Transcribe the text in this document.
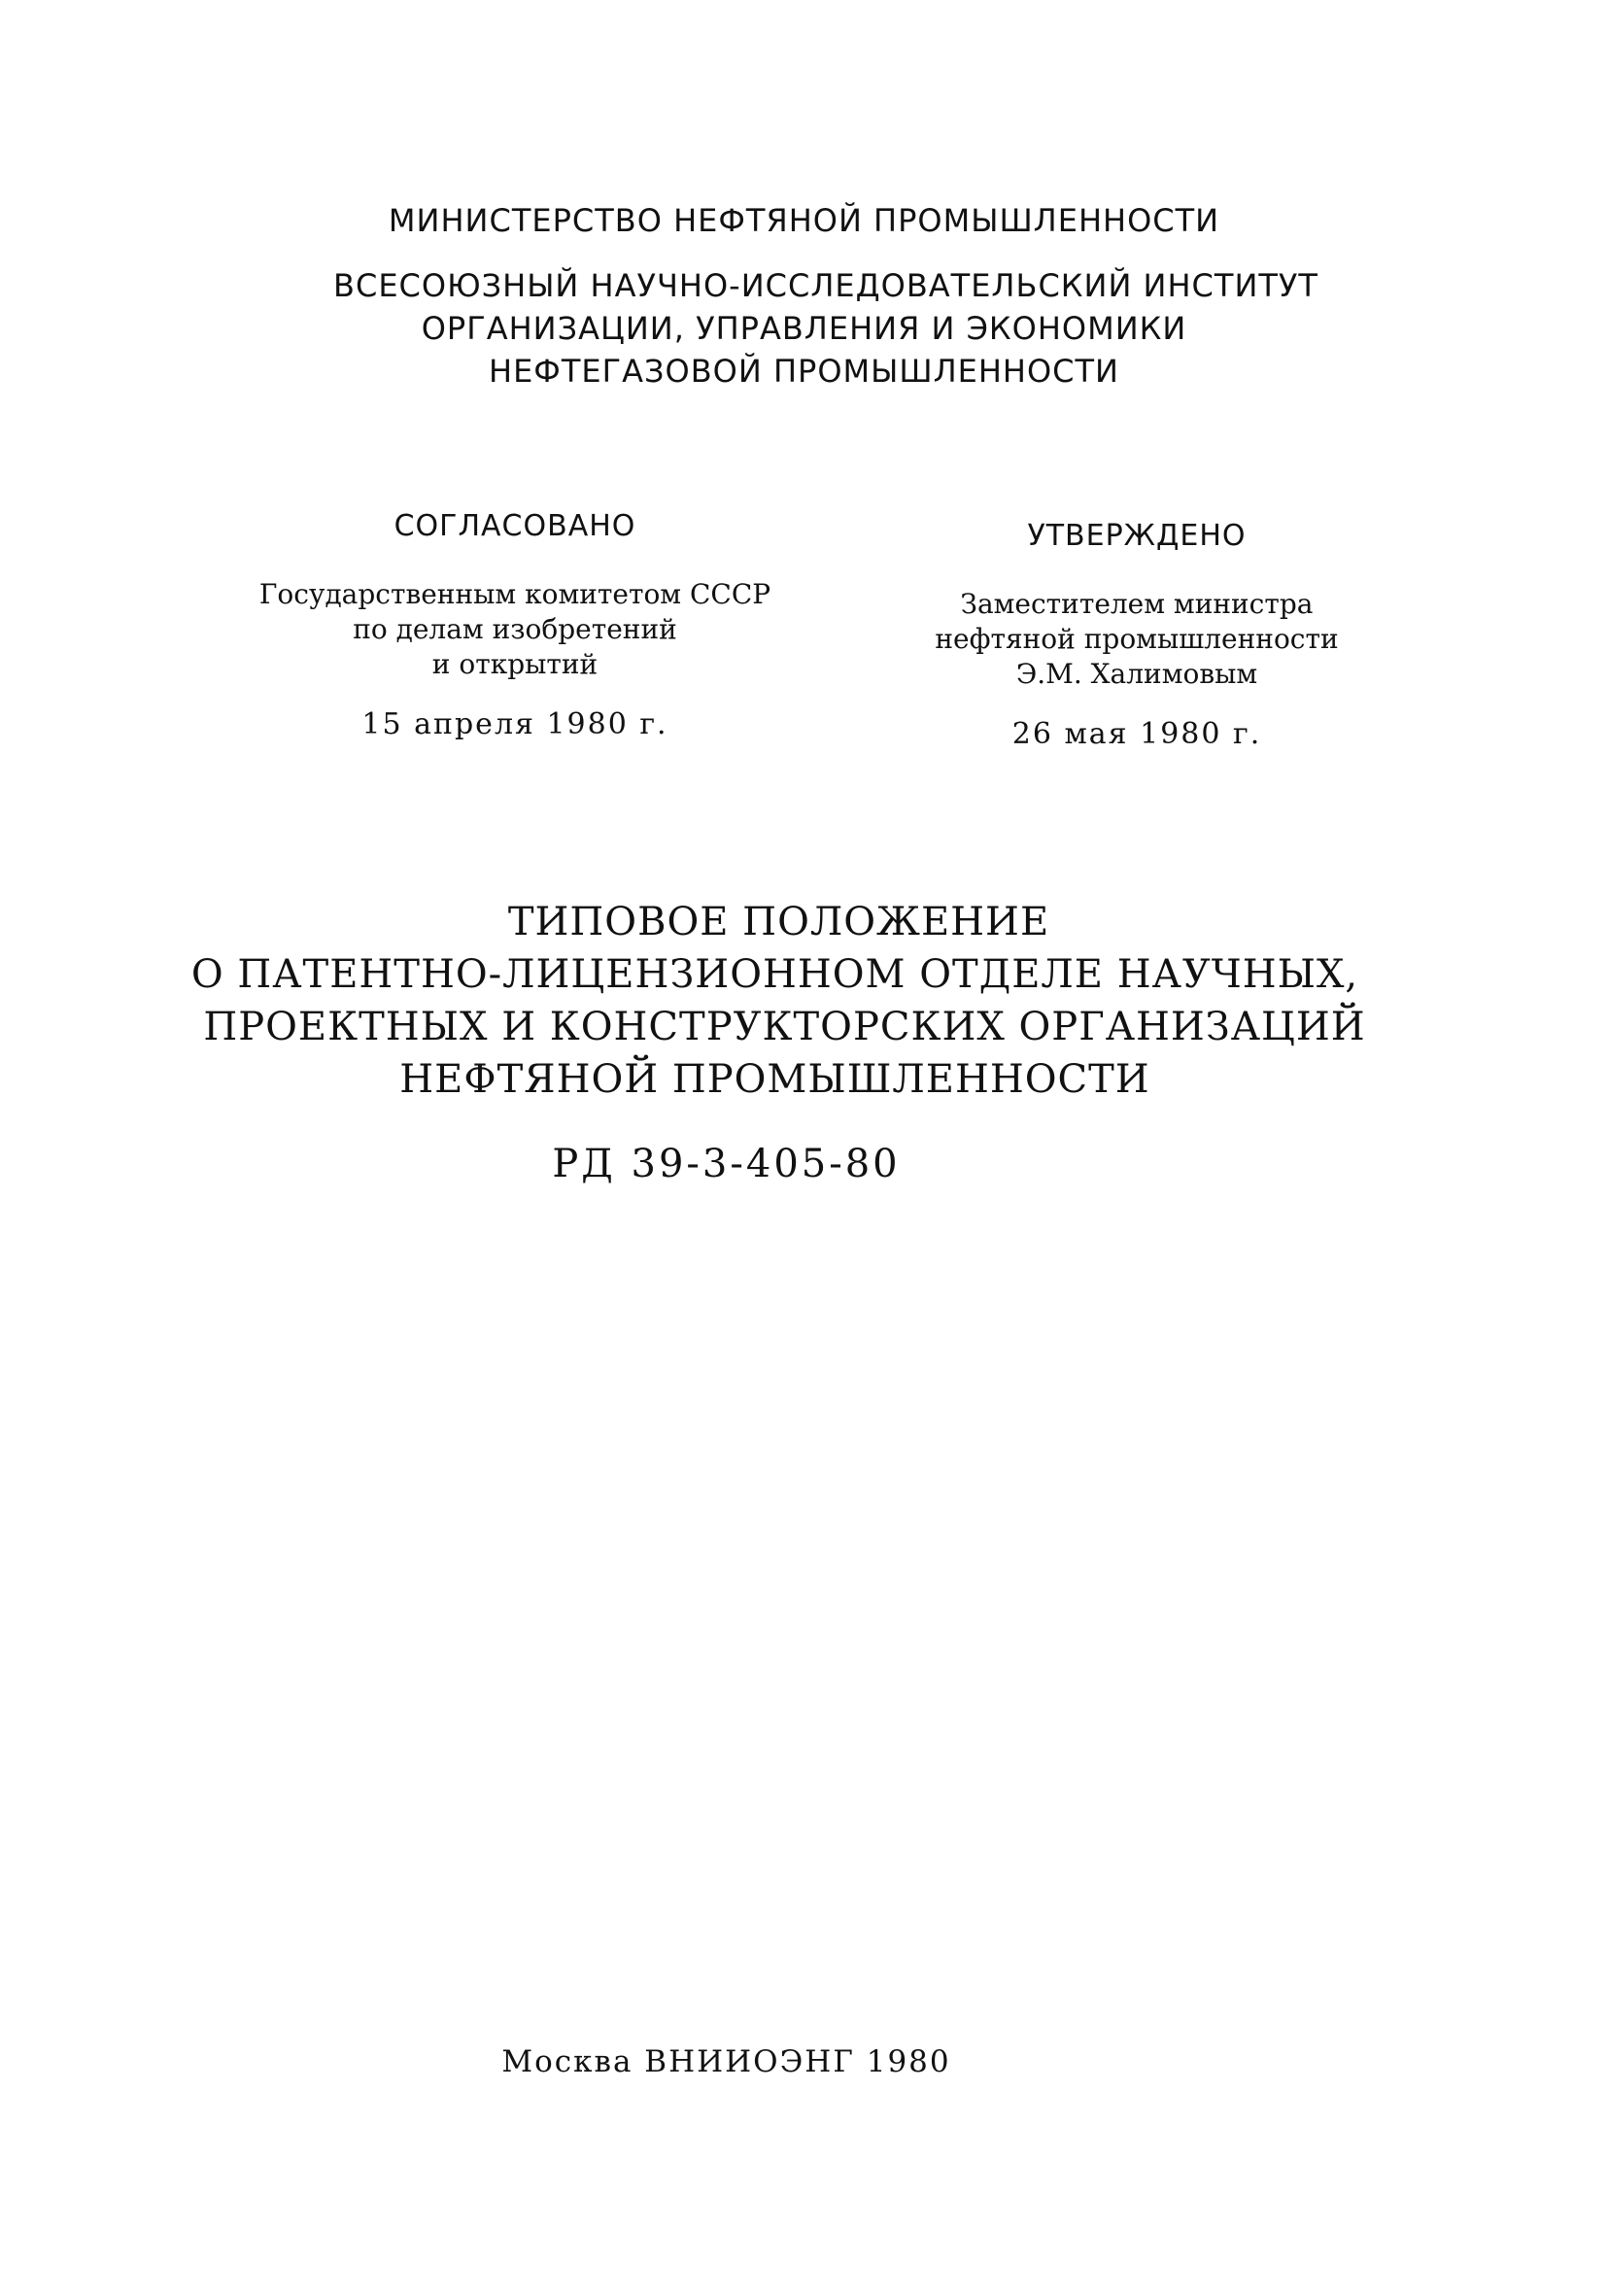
МИНИСТЕРСТВО НЕФТЯНОЙ ПРОМЫШЛЕННОСТИ
ВСЕСОЮЗНЫЙ НАУЧНО-ИССЛЕДОВАТЕЛЬСКИЙ ИНСТИТУТ
ОРГАНИЗАЦИИ, УПРАВЛЕНИЯ И ЭКОНОМИКИ
НЕФТЕГАЗОВОЙ ПРОМЫШЛЕННОСТИ
СОГЛАСОВАНО
Государственным комитетом СССР
по делам изобретений
и открытий
15 апреля 1980 г.
УТВЕРЖДЕНО
Заместителем министра
нефтяной промышленности
Э.М. Халимовым
26 мая 1980 г.
ТИПОВОЕ ПОЛОЖЕНИЕ
О ПАТЕНТНО-ЛИЦЕНЗИОННОМ ОТДЕЛЕ НАУЧНЫХ,
ПРОЕКТНЫХ И КОНСТРУКТОРСКИХ ОРГАНИЗАЦИЙ
НЕФТЯНОЙ ПРОМЫШЛЕННОСТИ
РД 39-3-405-80
Москва ВНИИОЭНГ 1980
